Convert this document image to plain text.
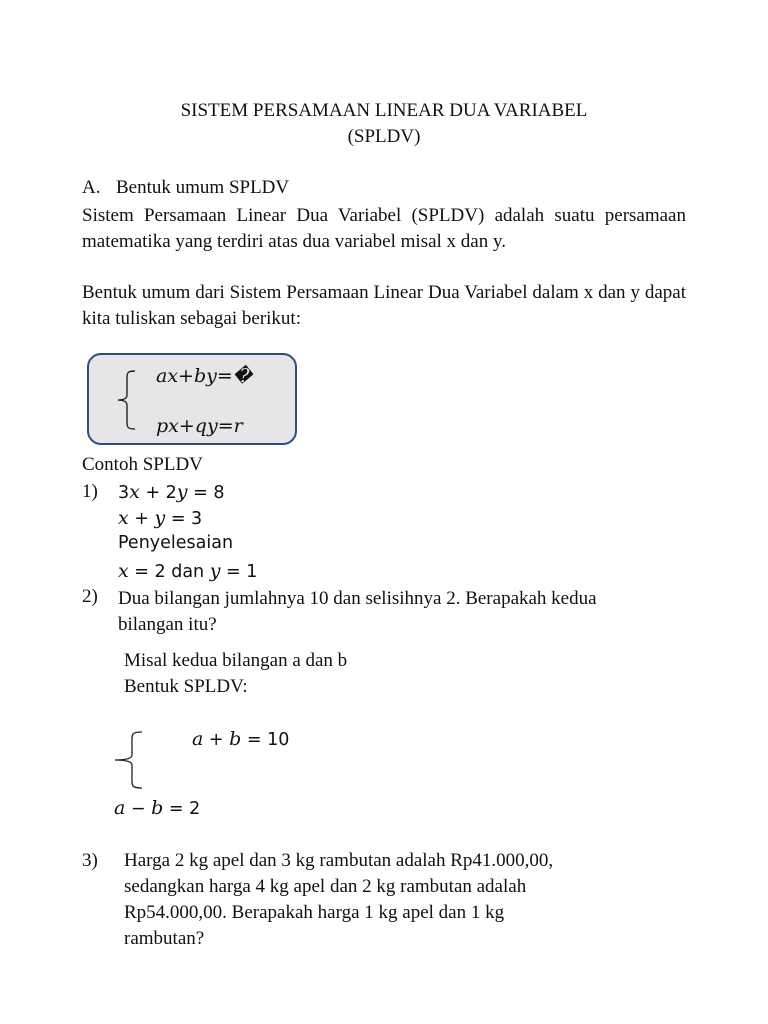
SISTEM PERSAMAAN LINEAR DUA VARIABEL
(SPLDV)
A. Bentuk umum SPLDV

Sistem Persamaan Linear Dua Variabel (SPLDV) adalah suatu persamaan matematika yang terdiri atas dua variabel misal x dan y.

Bentuk umum dari Sistem Persamaan Linear Dua Variabel dalam x dan y dapat kita tuliskan sebagai berikut:

ax+by=�
px+qy=r
Contoh SPLDV
1) 3x + 2y = 8
x + y = 3
Penyelesaian
x = 2 dan y = 1
2) Dua bilangan jumlahnya 10 dan selisihnya 2. Berapakah kedua bilangan itu?

Misal kedua bilangan a dan b
Bentuk SPLDV:
a + b = 10
a − b = 2
3) Harga 2 kg apel dan 3 kg rambutan adalah Rp41.000,00,
sedangkan harga 4 kg apel dan 2 kg rambutan adalah
Rp54.000,00. Berapakah harga 1 kg apel dan 1 kg
rambutan?
